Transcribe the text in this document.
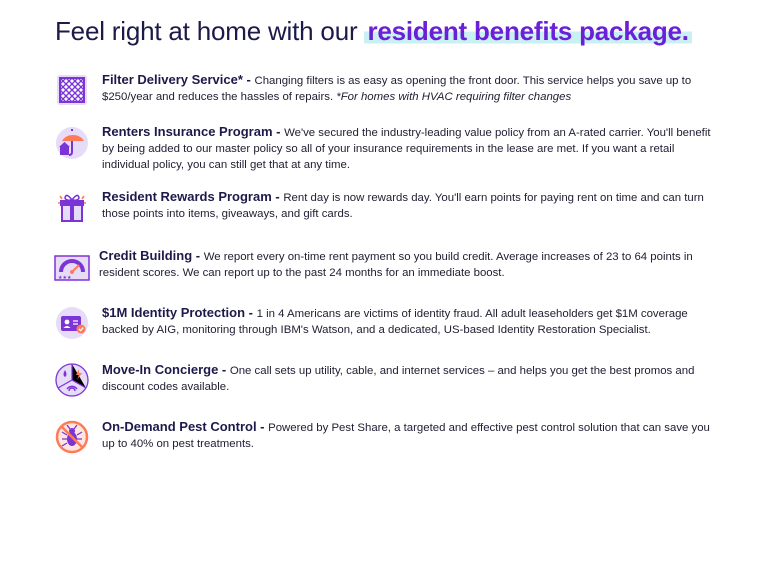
Feel right at home with our resident benefits package.
Filter Delivery Service* - Changing filters is as easy as opening the front door. This service helps you save up to $250/year and reduces the hassles of repairs. *For homes with HVAC requiring filter changes
Renters Insurance Program - We've secured the industry-leading value policy from an A-rated carrier. You'll benefit by being added to our master policy so all of your insurance requirements in the lease are met. If you want a retail individual policy, you can still get that at any time.
Resident Rewards Program - Rent day is now rewards day. You'll earn points for paying rent on time and can turn those points into items, giveaways, and gift cards.
★★★
Credit Building - We report every on-time rent payment so you build credit. Average increases of 23 to 64 points in resident scores. We can report up to the past 24 months for an immediate boost.
$1M Identity Protection - 1 in 4 Americans are victims of identity fraud. All adult leaseholders get $1M coverage backed by AIG, monitoring through IBM's Watson, and a dedicated, US-based Identity Restoration Specialist.
Move-In Concierge - One call sets up utility, cable, and internet services – and helps you get the best promos and discount codes available.
On-Demand Pest Control - Powered by Pest Share, a targeted and effective pest control solution that can save you up to 40% on pest treatments.
